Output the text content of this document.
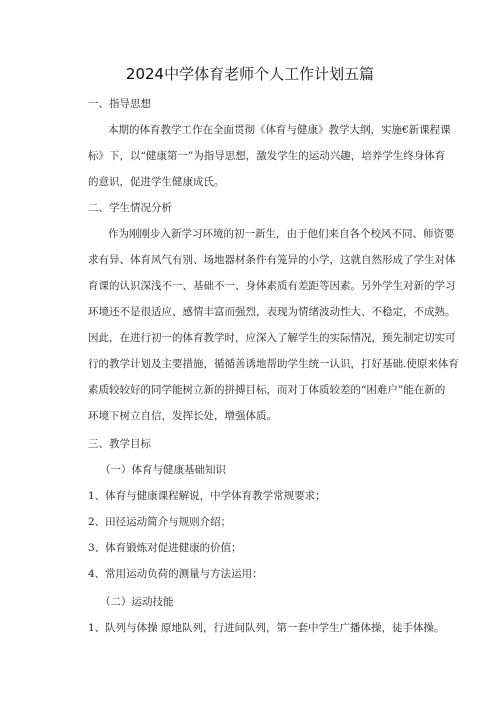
2024中学体育老师个人工作计划五篇
一、指导思想
本期的体育教学工作在全面贯彻《体育与健康》教学大纲，实施€新课程课
标》下，以“健康第一”为指导思想，激发学生的运动兴趣，培养学生终身体育
的意识，促进学生健康成氏。
二、学生情况分析
作为刚刚步入新学习环境的初一新生，由于他们来自各个校风不同、师资要
求有异、体育风气有别、场地器材条件有笼异的小学，这就自然形成了学生对体
育课的认识深浅不一、基础不一、身体素质有差距等因素。另外学生对新的学习
环境还不是很适应、感情丰富而强烈，表现为情绪波动性大、不稳定，不成熟。
因此，在进行初一的体育教学时，应深入了解学生的实际情况，预先制定切实可
行的教学计划及主要措施，循循善诱地帮助学生统一认识，打好基础.使原来体育
素质较较好的同学能树立新的拼搏目标，而对丁体质较差的“困难户”能在新的
环境下树立自信，发挥长处，增强体质。
三、教学目标
（一）体育与健康基础知识
1、体育与健康课程解说，中学体育教学常规要求；
2、田径运动简介与规则介绍；
3、体育锻炼对促进健康的价值；
4、常用运动负荷的测量与方法运用：
（二）运动技能
1、队列与体操 原地队列，行进间队列，第一套中学生广播体操，徒手体操。
